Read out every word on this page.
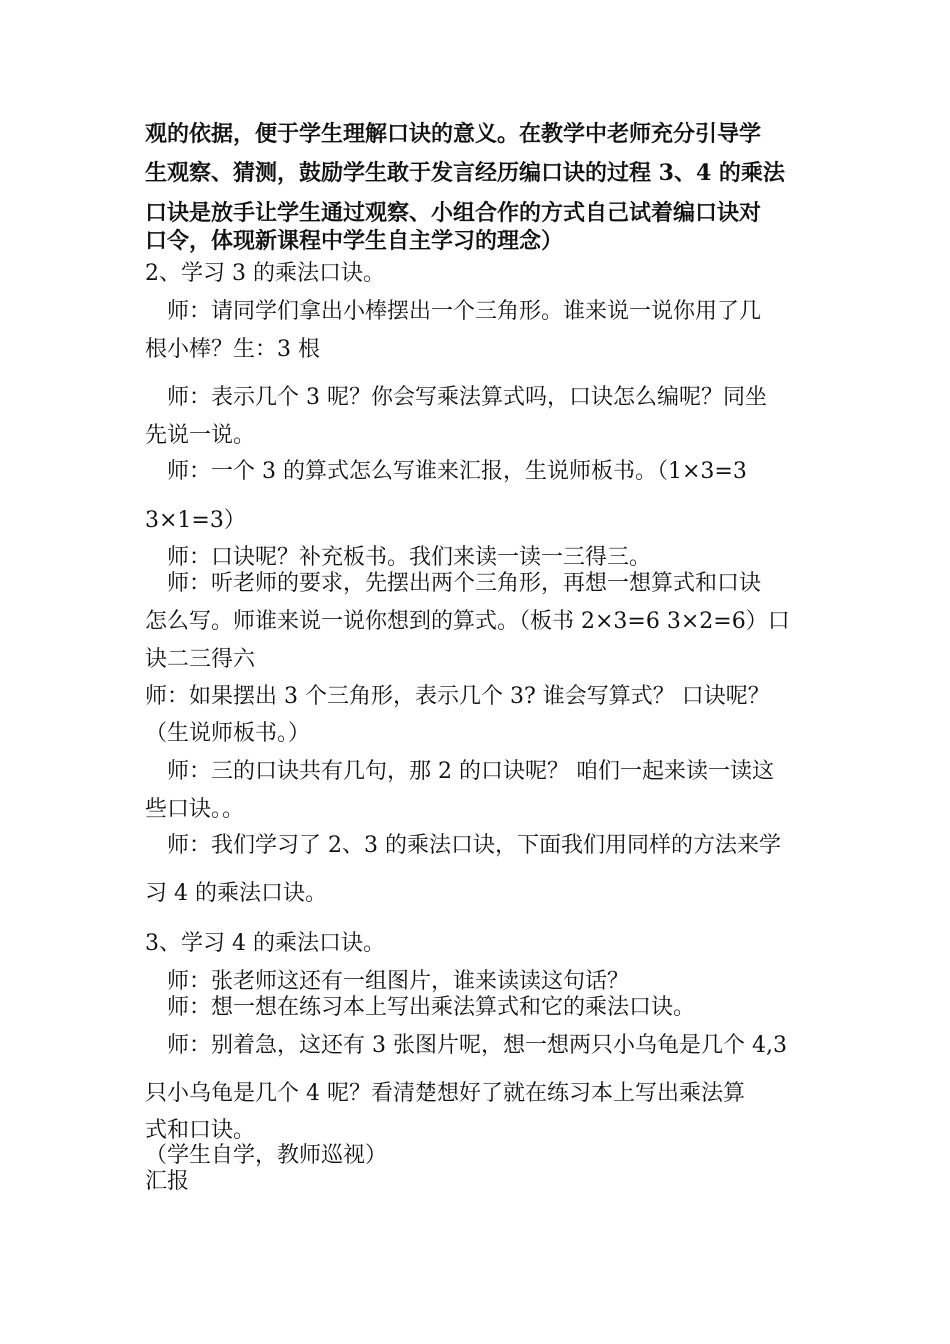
观的依据，便于学生理解口诀的意义。在教学中老师充分引导学

生观察、猜测，鼓励学生敢于发言经历编口诀的过程 3、4 的乘法

口诀是放手让学生通过观察、小组合作的方式自己试着编口诀对

口令，体现新课程中学生自主学习的理念）

2、学习 3 的乘法口诀。

师：请同学们拿出小棒摆出一个三角形。谁来说一说你用了几

根小棒？生：3 根

师：表示几个 3 呢？你会写乘法算式吗，口诀怎么编呢？同坐

先说一说。

师：一个 3 的算式怎么写谁来汇报，生说师板书。（1×3=3

3×1=3）

师：口诀呢？补充板书。我们来读一读一三得三。

师：听老师的要求，先摆出两个三角形，再想一想算式和口诀

怎么写。师谁来说一说你想到的算式。（板书 2×3=6 3×2=6）口

诀二三得六

师：如果摆出 3 个三角形，表示几个 3? 谁会写算式？ 口诀呢？

（生说师板书。）

师：三的口诀共有几句，那 2 的口诀呢？ 咱们一起来读一读这

些口诀。。

师：我们学习了 2、3 的乘法口诀，下面我们用同样的方法来学

习 4 的乘法口诀。

3、学习 4 的乘法口诀。

师：张老师这还有一组图片，谁来读读这句话？

师：想一想在练习本上写出乘法算式和它的乘法口诀。

师：别着急，这还有 3 张图片呢，想一想两只小乌龟是几个 4,3

只小乌龟是几个 4 呢？看清楚想好了就在练习本上写出乘法算

式和口诀。

（学生自学，教师巡视）

汇报
